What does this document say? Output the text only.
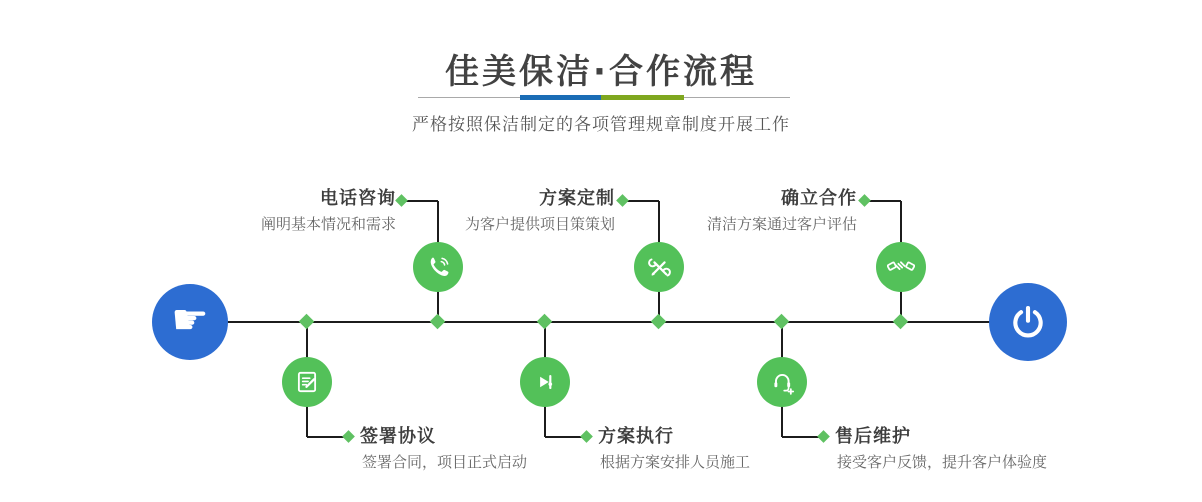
佳美保洁·合作流程

严格按照保洁制定的各项管理规章制度开展工作

☛
电话咨询
阐明基本情况和需求
签署协议
签署合同，项目正式启动
方案定制
为客户提供项目策策划
方案执行
根据方案安排人员施工
确立合作
清洁方案通过客户评估
售后维护
接受客户反馈，提升客户体验度
